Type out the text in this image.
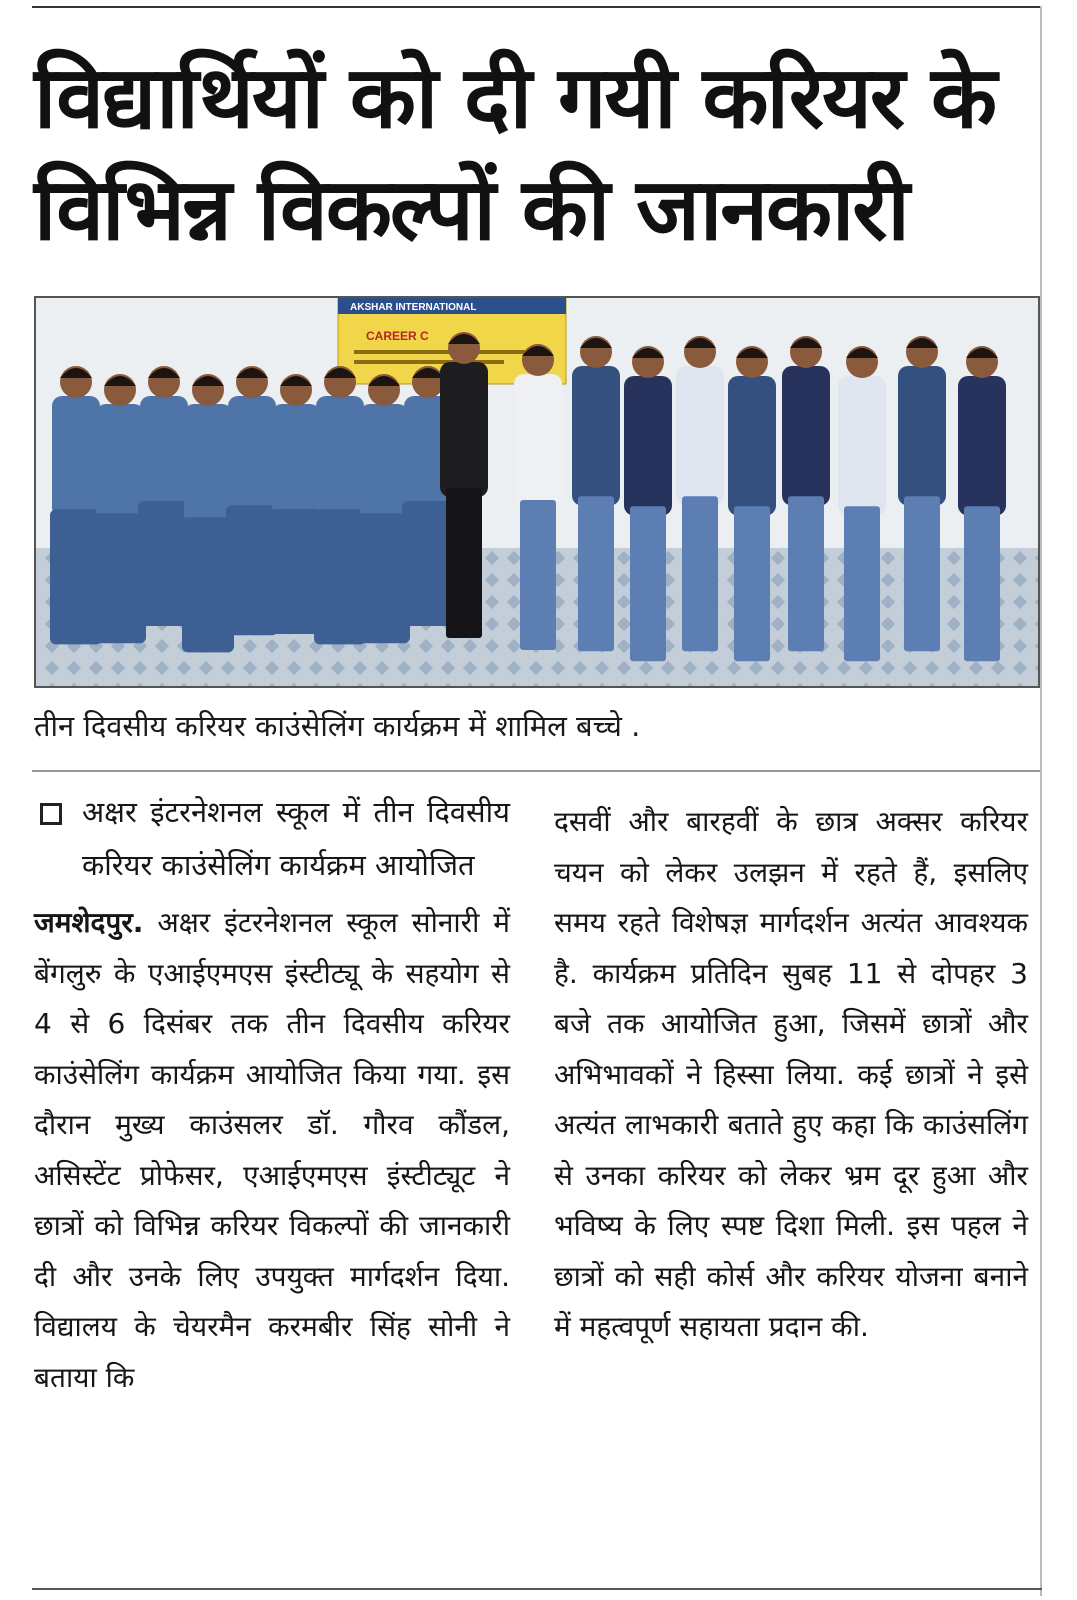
विद्यार्थियों को दी गयी करियर के
विभिन्न विकल्पों की जानकारी
AKSHAR INTERNATIONAL
CAREER C
तीन दिवसीय करियर काउंसेलिंग कार्यक्रम में शामिल बच्चे .
अक्षर इंटरनेशनल स्कूल में तीन दिवसीय करियर काउंसेलिंग कार्यक्रम आयोजित

जमशेदपुर. अक्षर इंटरनेशनल स्कूल सोनारी में बेंगलुरु के एआईएमएस इंस्टीट्यू के सहयोग से 4 से 6 दिसंबर तक तीन दिवसीय करियर काउंसेलिंग कार्यक्रम आयोजित किया गया. इस दौरान मुख्य काउंसलर डॉ. गौरव कौंडल, असिस्टेंट प्रोफेसर, एआईएमएस इंस्टीट्यूट ने छात्रों को विभिन्न करियर विकल्पों की जानकारी दी और उनके लिए उपयुक्त मार्गदर्शन दिया. विद्यालय के चेयरमैन करमबीर सिंह सोनी ने बताया कि

दसवीं और बारहवीं के छात्र अक्सर करियर चयन को लेकर उलझन में रहते हैं, इसलिए समय रहते विशेषज्ञ मार्गदर्शन अत्यंत आवश्यक है. कार्यक्रम प्रतिदिन सुबह 11 से दोपहर 3 बजे तक आयोजित हुआ, जिसमें छात्रों और अभिभावकों ने हिस्सा लिया. कई छात्रों ने इसे अत्यंत लाभकारी बताते हुए कहा कि काउंसलिंग से उनका करियर को लेकर भ्रम दूर हुआ और भविष्य के लिए स्पष्ट दिशा मिली. इस पहल ने छात्रों को सही कोर्स और करियर योजना बनाने में महत्वपूर्ण सहायता प्रदान की.
